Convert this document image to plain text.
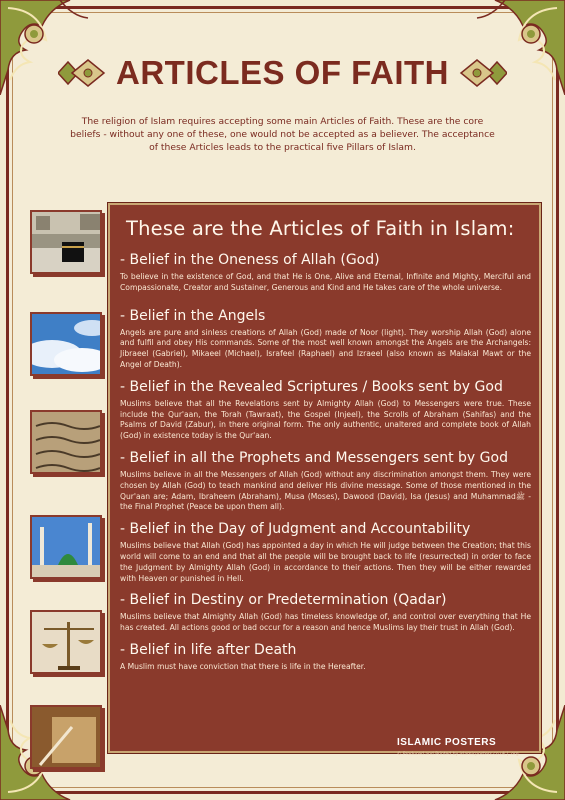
ARTICLES OF FAITH
The religion of Islam requires accepting some main Articles of Faith. These are the core beliefs - without any one of these, one would not be accepted as a believer. The acceptance of these Articles leads to the practical five Pillars of Islam.
These are the Articles of Faith in Islam:
- Belief in the Oneness of Allah (God)

To believe in the existence of God, and that He is One, Alive and Eternal, Infinite and Mighty, Merciful and Compassionate, Creator and Sustainer, Generous and Kind and He takes care of the whole universe.

- Belief in the Angels

Angels are pure and sinless creations of Allah (God) made of Noor (light). They worship Allah (God) alone and fulfil and obey His commands. Some of the most well known amongst the Angels are the Archangels: Jibraeel (Gabriel), Mikaeel (Michael), Israfeel (Raphael) and Izraeel (also known as Malakal Mawt or the Angel of Death).

- Belief in the Revealed Scriptures / Books sent by God

Muslims believe that all the Revelations sent by Almighty Allah (God) to Messengers were true. These include the Qur'aan, the Torah (Tawraat), the Gospel (Injeel), the Scrolls of Abraham (Sahifas) and the Psalms of David (Zabur), in there original form. The only authentic, unaltered and complete book of Allah (God) in existence today is the Qur'aan.

- Belief in all the Prophets and Messengers sent by God

Muslims believe in all the Messengers of Allah (God) without any discrimination amongst them. They were chosen by Allah (God) to teach mankind and deliver His divine message. Some of those mentioned in the Qur'aan are; Adam, Ibraheem (Abraham), Musa (Moses), Dawood (David), Isa (Jesus) and Muhammadﷺ - the Final Prophet (Peace be upon them all).

- Belief in the Day of Judgment and Accountability

Muslims believe that Allah (God) has appointed a day in which He will judge between the Creation; that this world will come to an end and that all the people will be brought back to life (resurrected) in order to face the Judgment by Almighty Allah (God) in accordance to their actions. Then they will be either rewarded with Heaven or punished in Hell.

- Belief in Destiny or Predetermination (Qadar)

Muslims believe that Almighty Allah (God) has timeless knowledge of, and control over everything that He has created. All actions good or bad occur for a reason and hence Muslims lay their trust in Allah (God).

- Belief in life after Death

A Muslim must have conviction that there is life in the Hereafter.

ISLAMIC POSTERS
© Produced and Printed by islamicposters.co.uk | .org
